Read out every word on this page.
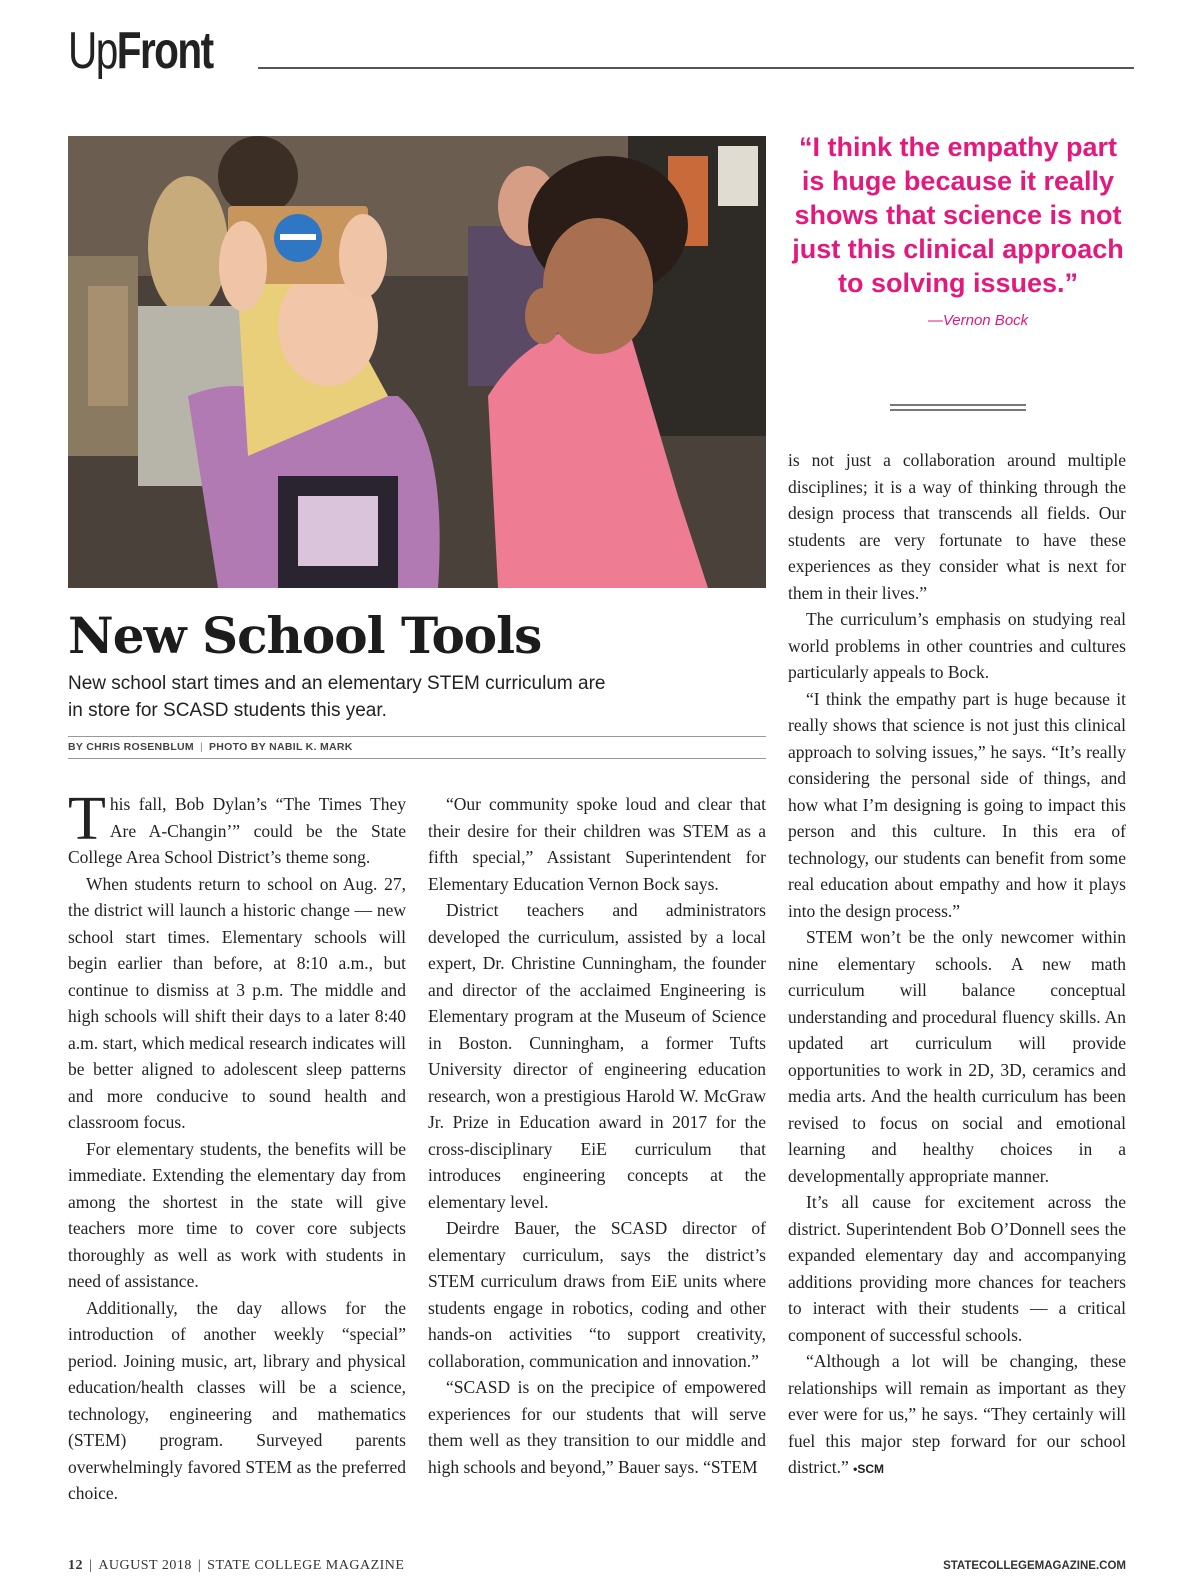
UpFront

“I think the empathy part is huge because it really shows that science is not just this clinical approach to solving issues.”

—Vernon Bock
New School Tools

New school start times and an elementary STEM curriculum are in store for SCASD students this year.

BY CHRIS ROSENBLUM | PHOTO BY NABIL K. MARK

This fall, Bob Dylan’s “The Times They Are A-Changin’” could be the State College Area School District’s theme song.

When students return to school on Aug. 27, the district will launch a historic change — new school start times. Elementary schools will begin earlier than before, at 8:10 a.m., but continue to dismiss at 3 p.m. The middle and high schools will shift their days to a later 8:40 a.m. start, which medical research indicates will be better aligned to adolescent sleep patterns and more conducive to sound health and classroom focus.

For elementary students, the benefits will be immediate. Extending the elementary day from among the shortest in the state will give teachers more time to cover core subjects thoroughly as well as work with students in need of assistance.

Additionally, the day allows for the introduction of another weekly “special” period. Joining music, art, library and physical education/health classes will be a science, technology, engineering and mathematics (STEM) program. Surveyed parents overwhelmingly favored STEM as the preferred choice.

“Our community spoke loud and clear that their desire for their children was STEM as a fifth special,” Assistant Superintendent for Elementary Education Vernon Bock says.

District teachers and administrators developed the curriculum, assisted by a local expert, Dr. Christine Cunningham, the founder and director of the acclaimed Engineering is Elementary program at the Museum of Science in Boston. Cunningham, a former Tufts University director of engineering education research, won a prestigious Harold W. McGraw Jr. Prize in Education award in 2017 for the cross-disciplinary EiE curriculum that introduces engineering concepts at the elementary level.

Deirdre Bauer, the SCASD director of elementary curriculum, says the district’s STEM curriculum draws from EiE units where students engage in robotics, coding and other hands-on activities “to support creativity, collaboration, communication and innovation.”

“SCASD is on the precipice of empowered experiences for our students that will serve them well as they transition to our middle and high schools and beyond,” Bauer says. “STEM

is not just a collaboration around multiple disciplines; it is a way of thinking through the design process that transcends all fields. Our students are very fortunate to have these experiences as they consider what is next for them in their lives.”

The curriculum’s emphasis on studying real world problems in other countries and cultures particularly appeals to Bock.

“I think the empathy part is huge because it really shows that science is not just this clinical approach to solving issues,” he says. “It’s really considering the personal side of things, and how what I’m designing is going to impact this person and this culture. In this era of technology, our students can benefit from some real education about empathy and how it plays into the design process.”

STEM won’t be the only newcomer within nine elementary schools. A new math curriculum will balance conceptual understanding and procedural fluency skills. An updated art curriculum will provide opportunities to work in 2D, 3D, ceramics and media arts. And the health curriculum has been revised to focus on social and emotional learning and healthy choices in a developmentally appropriate manner.

It’s all cause for excitement across the district. Superintendent Bob O’Donnell sees the expanded elementary day and accompanying additions providing more chances for teachers to interact with their students — a critical component of successful schools.

“Although a lot will be changing, these relationships will remain as important as they ever were for us,” he says. “They certainly will fuel this major step forward for our school district.” •SCM

12 | AUGUST 2018 | STATE COLLEGE MAGAZINE	STATECOLLEGEMAGAZINE.COM
